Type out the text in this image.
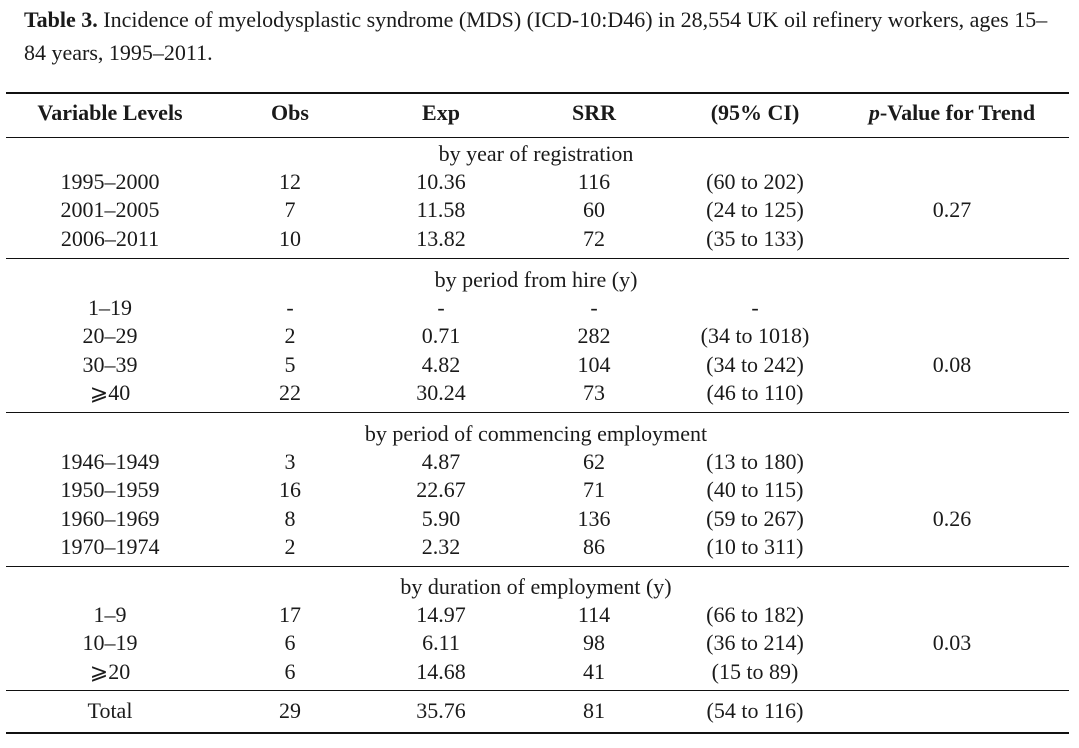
Table 3. Incidence of myelodysplastic syndrome (MDS) (ICD-10:D46) in 28,554 UK oil refinery workers, ages 15–84 years, 1995–2011.
Variable Levels	Obs	Exp	SRR	(95% CI)	p-Value for Trend
by year of registration
1995–2000	12	10.36	116	(60 to 202)
2001–2005	7	11.58	60	(24 to 125)
2006–2011	10	13.82	72	(35 to 133)
0.27
by period from hire (y)
1–19	-	-	-	-
20–29	2	0.71	282	(34 to 1018)
30–39	5	4.82	104	(34 to 242)
⩾40	22	30.24	73	(46 to 110)
0.08
by period of commencing employment
1946–1949	3	4.87	62	(13 to 180)
1950–1959	16	22.67	71	(40 to 115)
1960–1969	8	5.90	136	(59 to 267)
1970–1974	2	2.32	86	(10 to 311)
0.26
by duration of employment (y)
1–9	17	14.97	114	(66 to 182)
10–19	6	6.11	98	(36 to 214)
⩾20	6	14.68	41	(15 to 89)
0.03
Total	29	35.76	81	(54 to 116)
